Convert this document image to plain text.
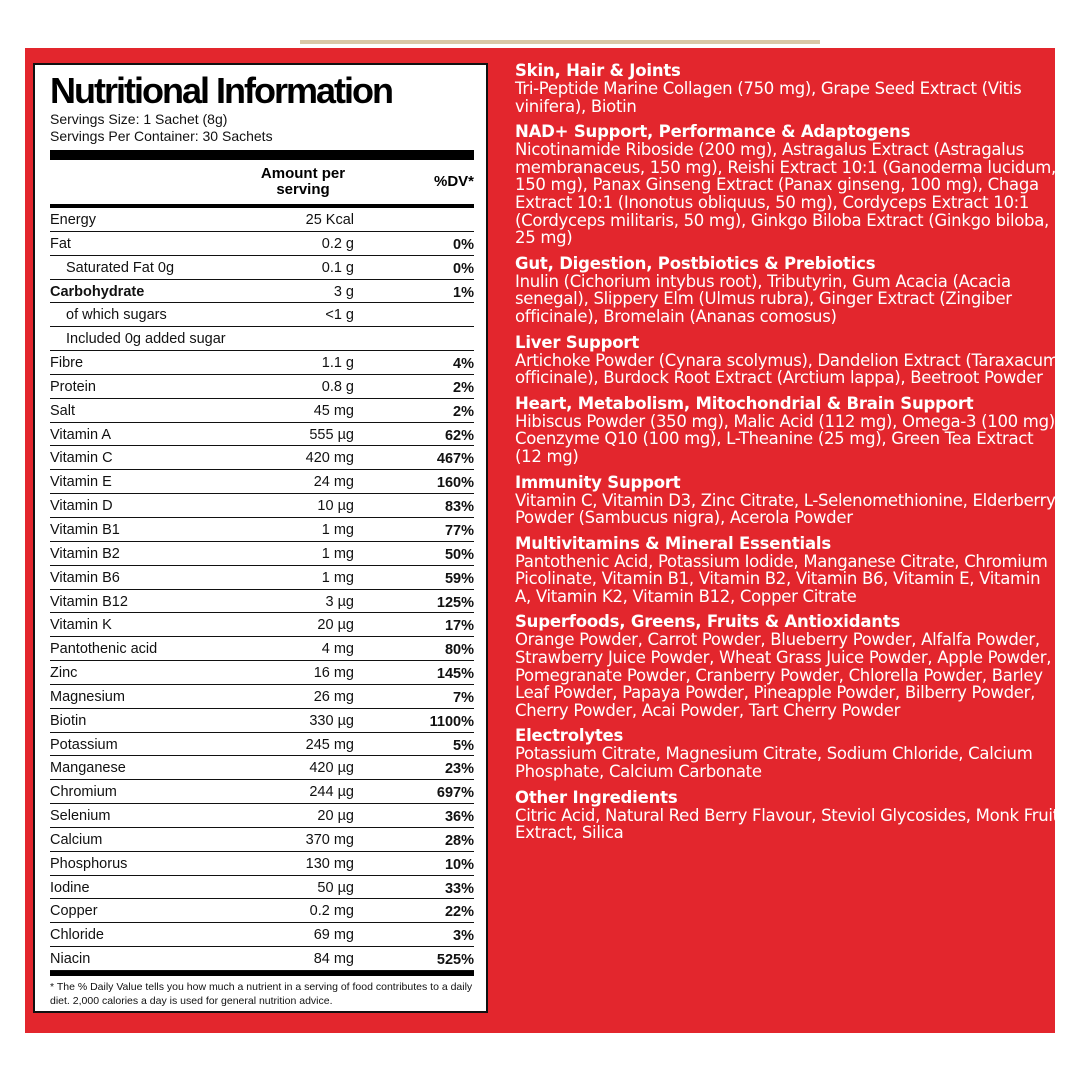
Nutritional Information
Servings Size: 1 Sachet (8g)
Servings Per Container: 30 Sachets
Amount per serving	%DV*
Energy	25 Kcal
Fat	0.2 g	0%
Saturated Fat 0g	0.1 g	0%
Carbohydrate	3 g	1%
of which sugars	<1 g
Included 0g added sugar
Fibre	1.1 g	4%
Protein	0.8 g	2%
Salt	45 mg	2%
Vitamin A	555 µg	62%
Vitamin C	420 mg	467%
Vitamin E	24 mg	160%
Vitamin D	10 µg	83%
Vitamin B1	1 mg	77%
Vitamin B2	1 mg	50%
Vitamin B6	1 mg	59%
Vitamin B12	3 µg	125%
Vitamin K	20 µg	17%
Pantothenic acid	4 mg	80%
Zinc	16 mg	145%
Magnesium	26 mg	7%
Biotin	330 µg	1100%
Potassium	245 mg	5%
Manganese	420 µg	23%
Chromium	244 µg	697%
Selenium	20 µg	36%
Calcium	370 mg	28%
Phosphorus	130 mg	10%
Iodine	50 µg	33%
Copper	0.2 mg	22%
Chloride	69 mg	3%
Niacin	84 mg	525%
* The % Daily Value tells you how much a nutrient in a serving of food contributes to a daily diet. 2,000 calories a day is used for general nutrition advice.
Skin, Hair & Joints

Tri-Peptide Marine Collagen (750 mg), Grape Seed Extract (Vitis vinifera), Biotin

NAD+ Support, Performance & Adaptogens

Nicotinamide Riboside (200 mg), Astragalus Extract (Astragalus membranaceus, 150 mg), Reishi Extract 10:1 (Ganoderma lucidum, 150 mg), Panax Ginseng Extract (Panax ginseng, 100 mg), Chaga Extract 10:1 (Inonotus obliquus, 50 mg), Cordyceps Extract 10:1 (Cordyceps militaris, 50 mg), Ginkgo Biloba Extract (Ginkgo biloba, 25 mg)

Gut, Digestion, Postbiotics & Prebiotics

Inulin (Cichorium intybus root), Tributyrin, Gum Acacia (Acacia senegal), Slippery Elm (Ulmus rubra), Ginger Extract (Zingiber officinale), Bromelain (Ananas comosus)

Liver Support

Artichoke Powder (Cynara scolymus), Dandelion Extract (Taraxacum officinale), Burdock Root Extract (Arctium lappa), Beetroot Powder

Heart, Metabolism, Mitochondrial & Brain Support

Hibiscus Powder (350 mg), Malic Acid (112 mg), Omega-3 (100 mg), Coenzyme Q10 (100 mg), L-Theanine (25 mg), Green Tea Extract (12 mg)

Immunity Support

Vitamin C, Vitamin D3, Zinc Citrate, L-Selenomethionine, Elderberry Powder (Sambucus nigra), Acerola Powder

Multivitamins & Mineral Essentials

Pantothenic Acid, Potassium Iodide, Manganese Citrate, Chromium Picolinate, Vitamin B1, Vitamin B2, Vitamin B6, Vitamin E, Vitamin A, Vitamin K2, Vitamin B12, Copper Citrate

Superfoods, Greens, Fruits & Antioxidants

Orange Powder, Carrot Powder, Blueberry Powder, Alfalfa Powder, Strawberry Juice Powder, Wheat Grass Juice Powder, Apple Powder, Pomegranate Powder, Cranberry Powder, Chlorella Powder, Barley Leaf Powder, Papaya Powder, Pineapple Powder, Bilberry Powder, Cherry Powder, Acai Powder, Tart Cherry Powder

Electrolytes

Potassium Citrate, Magnesium Citrate, Sodium Chloride, Calcium Phosphate, Calcium Carbonate

Other Ingredients

Citric Acid, Natural Red Berry Flavour, Steviol Glycosides, Monk Fruit Extract, Silica
